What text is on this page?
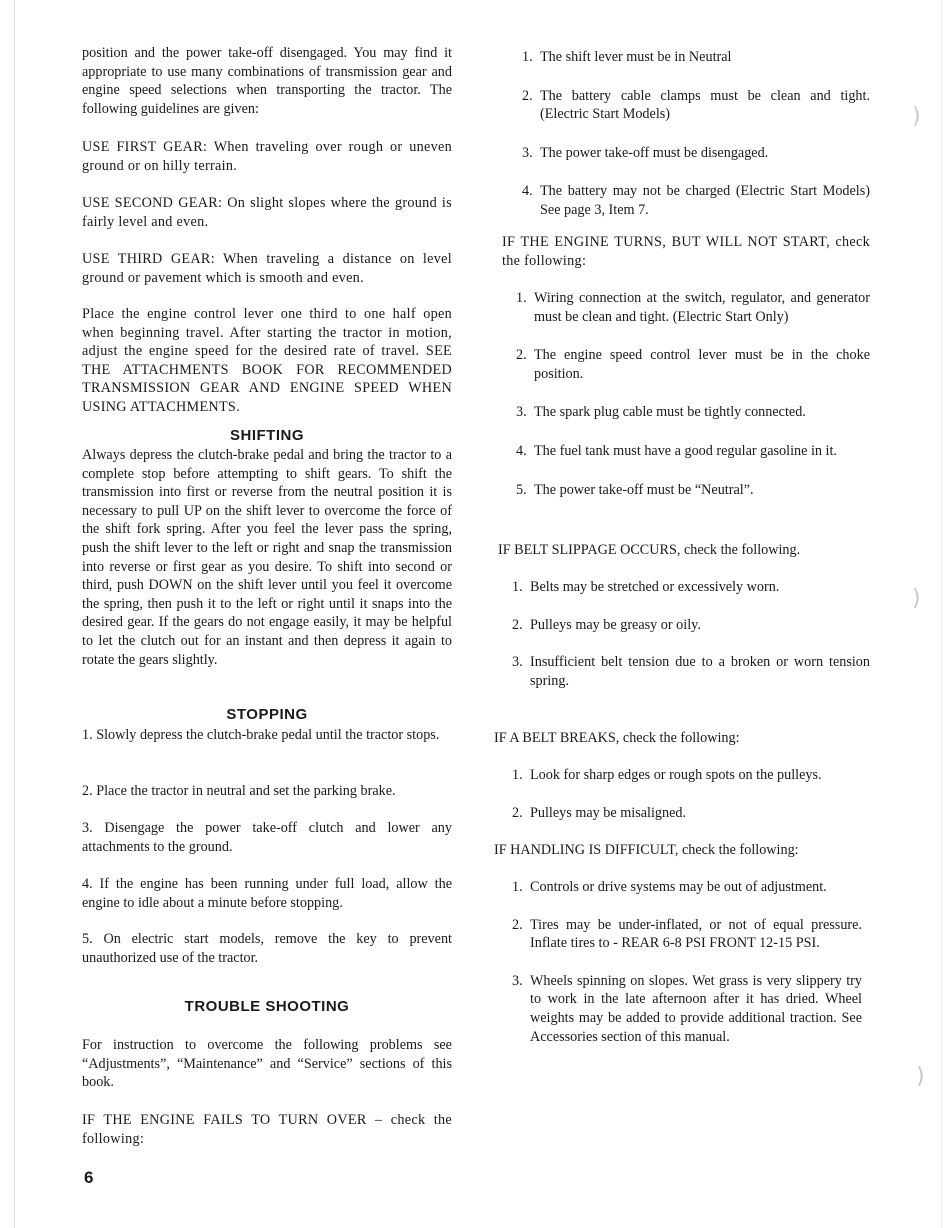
)
)
)

position and the power take-off disengaged. You may find it appropriate to use many combinations of transmission gear and engine speed selections when transporting the tractor. The following guidelines are given:

USE FIRST GEAR: When traveling over rough or uneven ground or on hilly terrain.

USE SECOND GEAR: On slight slopes where the ground is fairly level and even.

USE THIRD GEAR: When traveling a distance on level ground or pavement which is smooth and even.

Place the engine control lever one third to one half open when beginning travel. After starting the tractor in motion, adjust the engine speed for the desired rate of travel. SEE THE ATTACHMENTS BOOK FOR RECOMMENDED TRANSMISSION GEAR AND ENGINE SPEED WHEN USING ATTACHMENTS.

SHIFTING

Always depress the clutch-brake pedal and bring the tractor to a complete stop before attempting to shift gears. To shift the transmission into first or reverse from the neutral position it is necessary to pull UP on the shift lever to overcome the force of the shift fork spring. After you feel the lever pass the spring, push the shift lever to the left or right and snap the transmission into reverse or first gear as you desire. To shift into second or third, push DOWN on the shift lever until you feel it overcome the spring, then push it to the left or right until it snaps into the desired gear. If the gears do not engage easily, it may be helpful to let the clutch out for an instant and then depress it again to rotate the gears slightly.

STOPPING

1. Slowly depress the clutch-brake pedal until the tractor stops.

2. Place the tractor in neutral and set the parking brake.

3. Disengage the power take-off clutch and lower any attachments to the ground.

4. If the engine has been running under full load, allow the engine to idle about a minute before stopping.

5. On electric start models, remove the key to prevent unauthorized use of the tractor.

TROUBLE SHOOTING

For instruction to overcome the following problems see “Adjustments”, “Maintenance” and “Service” sections of this book.

IF THE ENGINE FAILS TO TURN OVER – check the following:

1. The shift lever must be in Neutral
2. The battery cable clamps must be clean and tight. (Electric Start Models)
3. The power take-off must be disengaged.
4. The battery may not be charged (Electric Start Models) See page 3, Item 7.

IF THE ENGINE TURNS, BUT WILL NOT START, check the following:

1. Wiring connection at the switch, regulator, and generator must be clean and tight. (Electric Start Only)
2. The engine speed control lever must be in the choke position.
3. The spark plug cable must be tightly connected.
4. The fuel tank must have a good regular gasoline in it.
5. The power take-off must be “Neutral”.

IF BELT SLIPPAGE OCCURS, check the following.

1. Belts may be stretched or excessively worn.
2. Pulleys may be greasy or oily.
3. Insufficient belt tension due to a broken or worn tension spring.

IF A BELT BREAKS, check the following:

1. Look for sharp edges or rough spots on the pulleys.
2. Pulleys may be misaligned.

IF HANDLING IS DIFFICULT, check the following:

1. Controls or drive systems may be out of adjustment.
2. Tires may be under-inflated, or not of equal pressure. Inflate tires to - REAR 6-8 PSI FRONT 12-15 PSI.
3. Wheels spinning on slopes. Wet grass is very slippery try to work in the late afternoon after it has dried. Wheel weights may be added to provide additional traction. See Accessories section of this manual.
6
